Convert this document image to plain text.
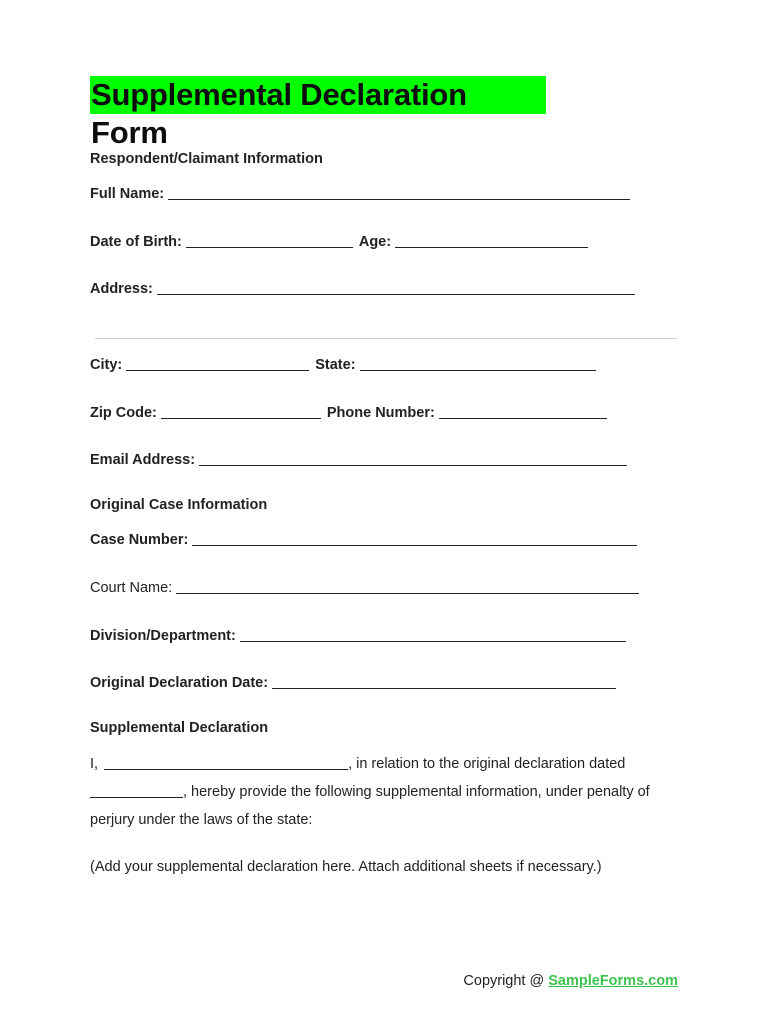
Supplemental Declaration Form
Respondent/Claimant Information
Full Name:
Date of Birth:	Age:
Address:
City:	State:
Zip Code:	Phone Number:
Email Address:
Original Case Information
Case Number:
Court Name:
Division/Department:
Original Declaration Date:
Supplemental Declaration
I,	, in relation to the original declaration dated
, hereby provide the following supplemental information, under penalty of
perjury under the laws of the state:
(Add your supplemental declaration here. Attach additional sheets if necessary.)
Copyright @ SampleForms.com
